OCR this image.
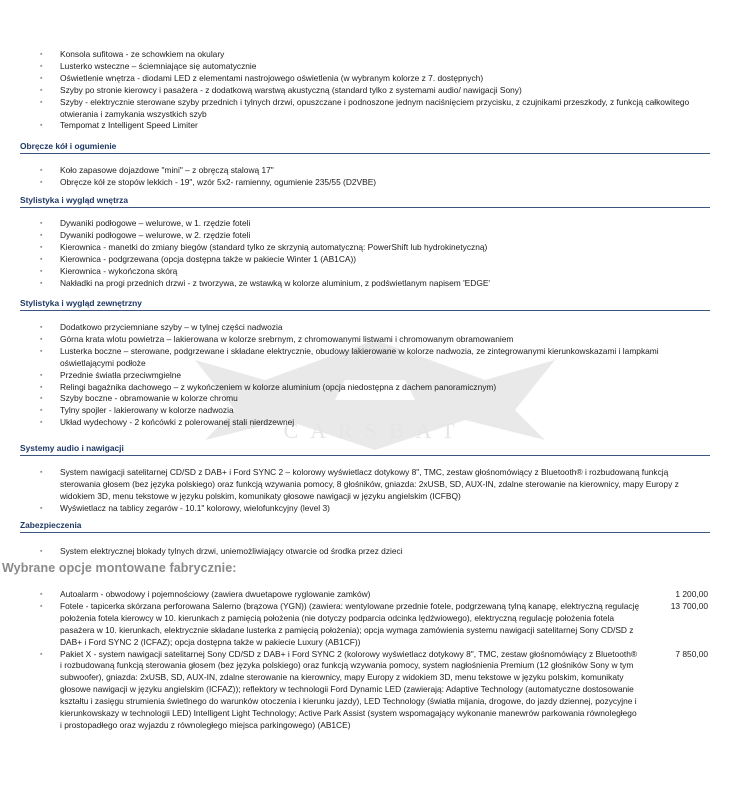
CARSBAT
▪ Konsola sufitowa - ze schowkiem na okulary
▪ Lusterko wsteczne – ściemniające się automatycznie
▪ Oświetlenie wnętrza - diodami LED z elementami nastrojowego oświetlenia (w wybranym kolorze z 7. dostępnych)
▪ Szyby po stronie kierowcy i pasażera - z dodatkową warstwą akustyczną (standard tylko z systemami audio/ nawigacji Sony)
▪ Szyby - elektrycznie sterowane szyby przednich i tylnych drzwi, opuszczane i podnoszone jednym naciśnięciem przycisku, z czujnikami przeszkody, z funkcją całkowitego otwierania i zamykania wszystkich szyb
▪ Tempomat z Intelligent Speed Limiter
Obręcze kół i ogumienie
▪ Koło zapasowe dojazdowe "mini" – z obręczą stalową 17"
▪ Obręcze kół ze stopów lekkich - 19", wzór 5x2- ramienny, ogumienie 235/55 (D2VBE)
Stylistyka i wygląd wnętrza
▪ Dywaniki podłogowe – welurowe, w 1. rzędzie foteli
▪ Dywaniki podłogowe – welurowe, w 2. rzędzie foteli
▪ Kierownica - manetki do zmiany biegów (standard tylko ze skrzynią automatyczną: PowerShift lub hydrokinetyczną)
▪ Kierownica - podgrzewana (opcja dostępna także w pakiecie Winter 1 (AB1CA))
▪ Kierownica - wykończona skórą
▪ Nakładki na progi przednich drzwi - z tworzywa, ze wstawką w kolorze aluminium, z podświetlanym napisem 'EDGE'
Stylistyka i wygląd zewnętrzny
▪ Dodatkowo przyciemniane szyby – w tylnej części nadwozia
▪ Górna krata wlotu powietrza – lakierowana w kolorze srebrnym, z chromowanymi listwami i chromowanym obramowaniem
▪ Lusterka boczne – sterowane, podgrzewane i składane elektrycznie, obudowy lakierowane w kolorze nadwozia, ze zintegrowanymi kierunkowskazami i lampkami oświetlającymi podłoże
▪ Przednie światła przeciwmgielne
▪ Relingi bagażnika dachowego – z wykończeniem w kolorze aluminium (opcja niedostępna z dachem panoramicznym)
▪ Szyby boczne - obramowanie w kolorze chromu
▪ Tylny spojler - lakierowany w kolorze nadwozia
▪ Układ wydechowy - 2 końcówki z polerowanej stali nierdzewnej
Systemy audio i nawigacji
▪ System nawigacji satelitarnej CD/SD z DAB+ i Ford SYNC 2 – kolorowy wyświetlacz dotykowy 8", TMC, zestaw głośnomówiący z Bluetooth® i rozbudowaną funkcją sterowania głosem (bez języka polskiego) oraz funkcją wzywania pomocy, 8 głośników, gniazda: 2xUSB, SD, AUX-IN, zdalne sterowanie na kierownicy, mapy Europy z widokiem 3D, menu tekstowe w języku polskim, komunikaty głosowe nawigacji w języku angielskim (ICFBQ)
▪ Wyświetlacz na tablicy zegarów - 10.1" kolorowy, wielofunkcyjny (level 3)
Zabezpieczenia
▪ System elektrycznej blokady tylnych drzwi, uniemożliwiający otwarcie od środka przez dzieci
Wybrane opcje montowane fabrycznie:
▪ Autoalarm - obwodowy i pojemnościowy (zawiera dwuetapowe ryglowanie zamków)	1 200,00
▪ Fotele - tapicerka skórzana perforowana Salerno (brązowa (YGN)) (zawiera: wentylowane przednie fotele, podgrzewaną tylną kanapę, elektryczną regulację położenia fotela kierowcy w 10. kierunkach z pamięcią położenia (nie dotyczy podparcia odcinka lędźwiowego), elektryczną regulację położenia fotela pasażera w 10. kierunkach, elektrycznie składane lusterka z pamięcią położenia); opcja wymaga zamówienia systemu nawigacji satelitarnej Sony CD/SD z DAB+ i Ford SYNC 2 (ICFAZ); opcja dostępna także w pakiecie Luxury (AB1CF))
13 700,00
▪ Pakiet X - system nawigacji satelitarnej Sony CD/SD z DAB+ i Ford SYNC 2 (kolorowy wyświetlacz dotykowy 8", TMC, zestaw głośnomówiący z Bluetooth® i rozbudowaną funkcją sterowania głosem (bez języka polskiego) oraz funkcją wzywania pomocy, system nagłośnienia Premium (12 głośników Sony w tym subwoofer), gniazda: 2xUSB, SD, AUX-IN, zdalne sterowanie na kierownicy, mapy Europy z widokiem 3D, menu tekstowe w języku polskim, komunikaty głosowe nawigacji w języku angielskim (ICFAZ)); reflektory w technologii Ford Dynamic LED (zawierają: Adaptive Technology (automatyczne dostosowanie kształtu i zasięgu strumienia świetlnego do warunków otoczenia i kierunku jazdy), LED Technology (światła mijania, drogowe, do jazdy dziennej, pozycyjne i kierunkowskazy w technologii LED) Intelligent Light Technology; Active Park Assist (system wspomagający wykonanie manewrów parkowania równoległego i prostopadłego oraz wyjazdu z równoległego miejsca parkingowego) (AB1CE)
7 850,00
